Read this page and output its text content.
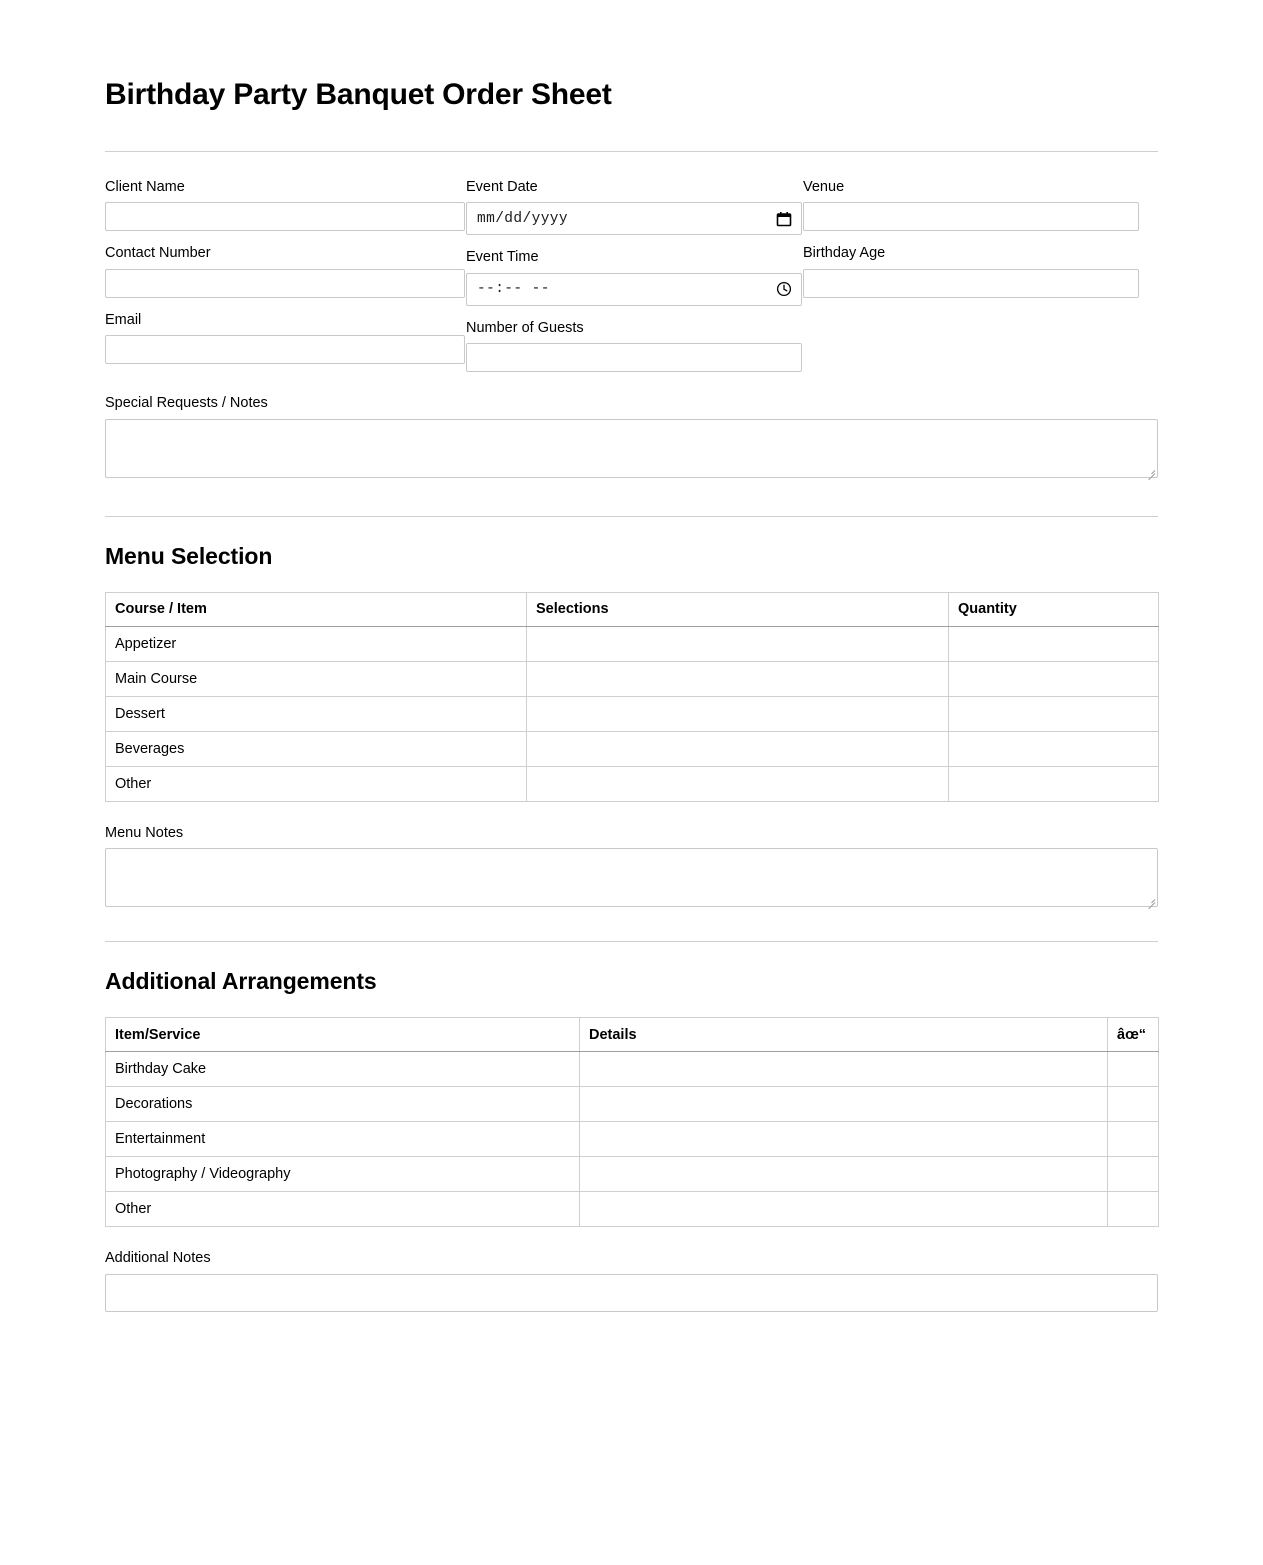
Birthday Party Banquet Order Sheet
Client Name
Contact Number
Email
Event Date
mm/dd/yyyy
Event Time
--:-- --
Number of Guests
Venue
Birthday Age
Special Requests / Notes
Menu Selection
Course / Item	Selections	Quantity
Appetizer		
Main Course		
Dessert		
Beverages		
Other		
Menu Notes
Additional Arrangements
Item/Service	Details	âœ“
Birthday Cake		
Decorations		
Entertainment		
Photography / Videography		
Other		
Additional Notes
